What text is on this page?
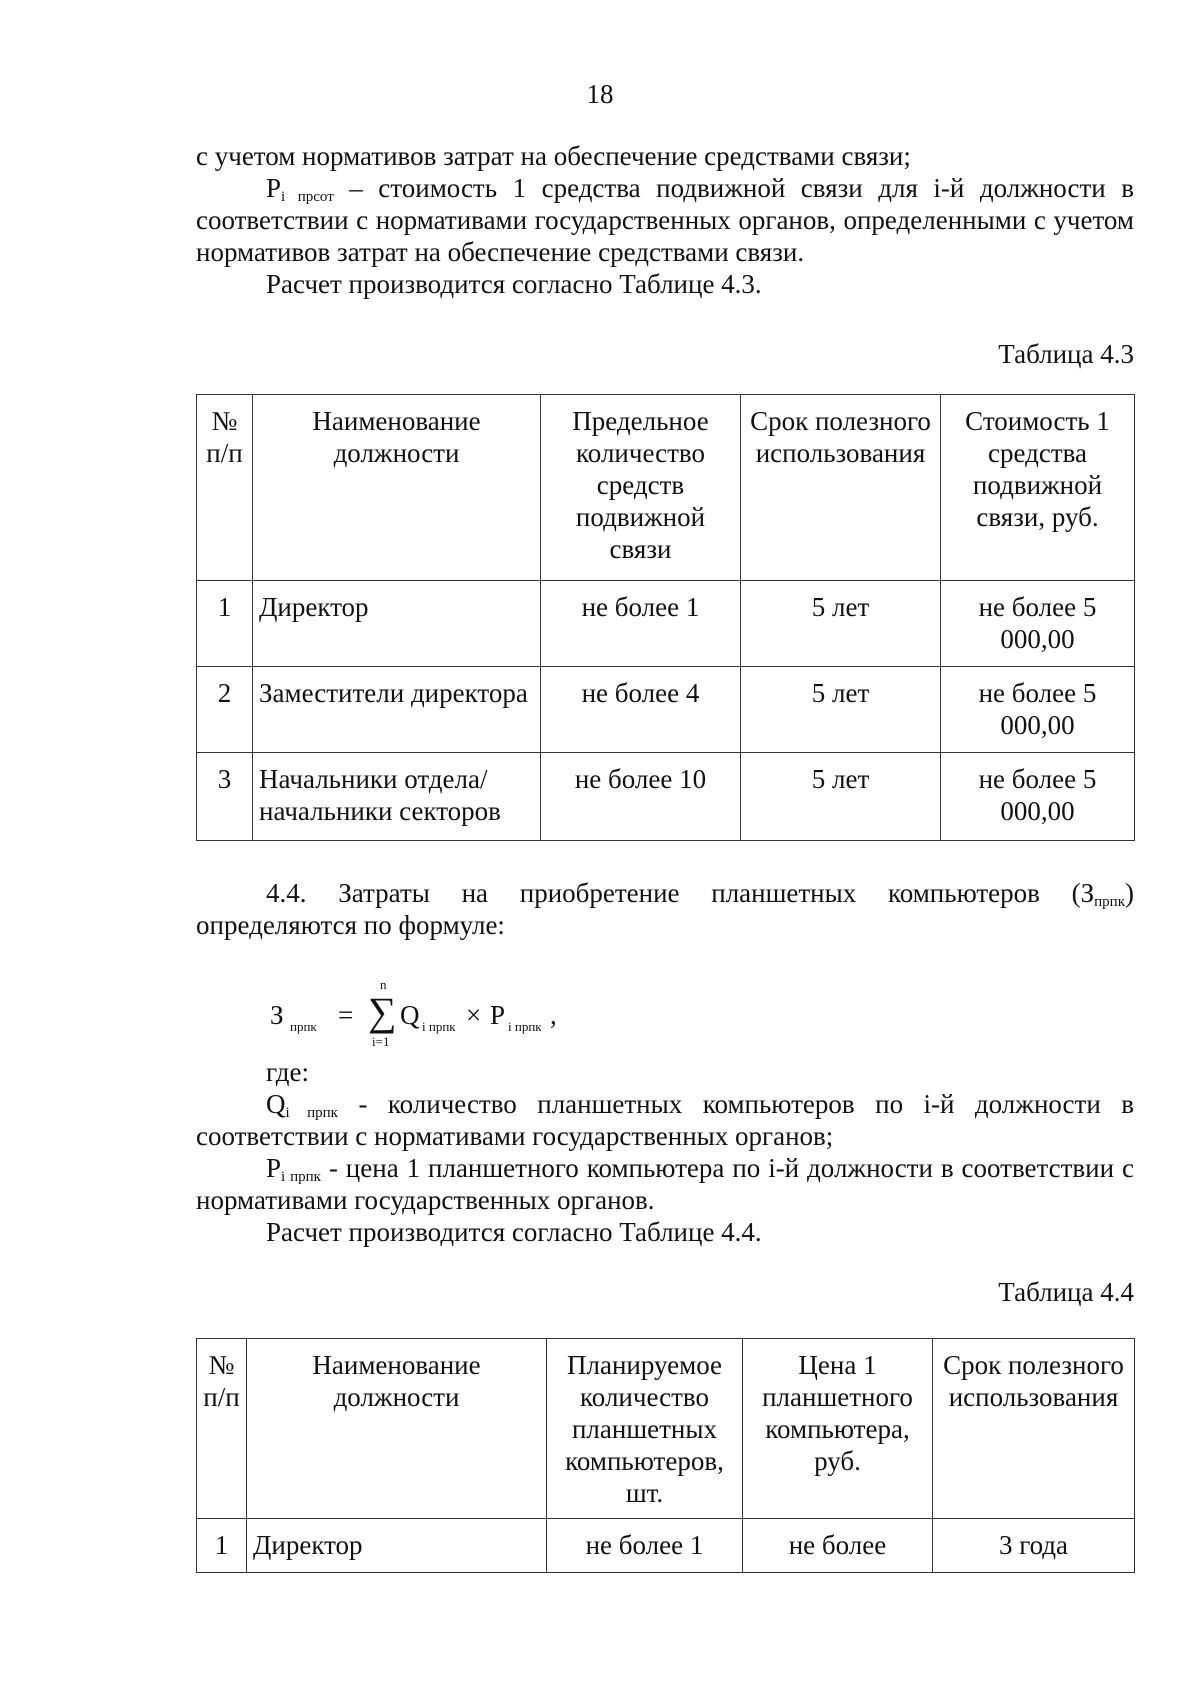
18

с учетом нормативов затрат на обеспечение средствами связи;

$P_{i прсот}$ – стоимость 1 средства подвижной связи для i-й должности в соответствии с нормативами государственных органов, определенными с учетом нормативов затрат на обеспечение средствами связи.

Расчет производится согласно Таблице 4.3.

Таблица 4.3
№ п/п	Наименование должности	Предельное количество средств подвижной связи	Срок полезного использования	Стоимость 1 средства подвижной связи, руб.
1	Директор	не более 1	5 лет	не более 5 000,00
2	Заместители директора	не более 4	5 лет	не более 5 000,00
3	Начальники отдела/ начальники секторов	не более 10	5 лет	не более 5 000,00

4.4. Затраты на приобретение планшетных компьютеров $(З_{прпк})$ определяются по формуле:

З прпк =
n
∑
i=1
Q i прпк × P i прпк ,

где:

$Q_{i прпк}$ - количество планшетных компьютеров по i-й должности в соответствии с нормативами государственных органов;

$P_{i прпк}$ - цена 1 планшетного компьютера по i-й должности в соответствии с нормативами государственных органов.

Расчет производится согласно Таблице 4.4.

Таблица 4.4
№ п/п	Наименование должности	Планируемое количество планшетных компьютеров, шт.	Цена 1 планшетного компьютера, руб.	Срок полезного использования
1	Директор	не более 1	не более	3 года
